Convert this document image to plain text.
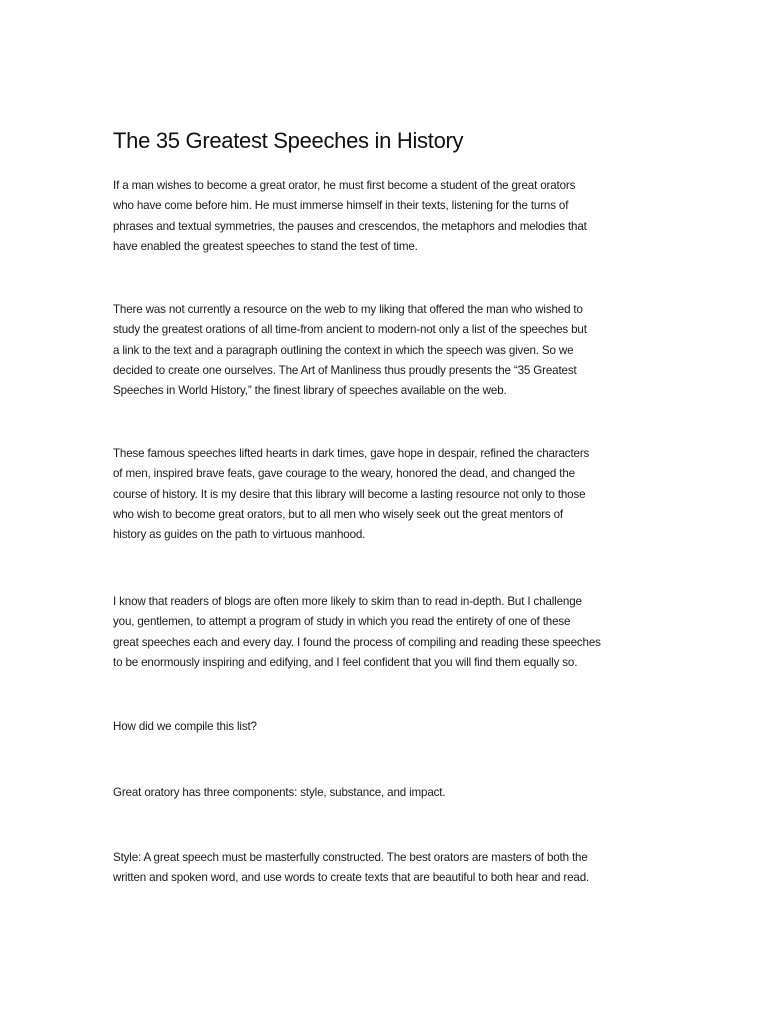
The 35 Greatest Speeches in History

If a man wishes to become a great orator, he must first become a student of the great orators
who have come before him. He must immerse himself in their texts, listening for the turns of
phrases and textual symmetries, the pauses and crescendos, the metaphors and melodies that
have enabled the greatest speeches to stand the test of time.

There was not currently a resource on the web to my liking that offered the man who wished to
study the greatest orations of all time-from ancient to modern-not only a list of the speeches but
a link to the text and a paragraph outlining the context in which the speech was given. So we
decided to create one ourselves. The Art of Manliness thus proudly presents the “35 Greatest
Speeches in World History,” the finest library of speeches available on the web.

These famous speeches lifted hearts in dark times, gave hope in despair, refined the characters
of men, inspired brave feats, gave courage to the weary, honored the dead, and changed the
course of history. It is my desire that this library will become a lasting resource not only to those
who wish to become great orators, but to all men who wisely seek out the great mentors of
history as guides on the path to virtuous manhood.

I know that readers of blogs are often more likely to skim than to read in-depth. But I challenge
you, gentlemen, to attempt a program of study in which you read the entirety of one of these
great speeches each and every day. I found the process of compiling and reading these speeches
to be enormously inspiring and edifying, and I feel confident that you will find them equally so.

How did we compile this list?

Great oratory has three components: style, substance, and impact.

Style: A great speech must be masterfully constructed. The best orators are masters of both the
written and spoken word, and use words to create texts that are beautiful to both hear and read.
